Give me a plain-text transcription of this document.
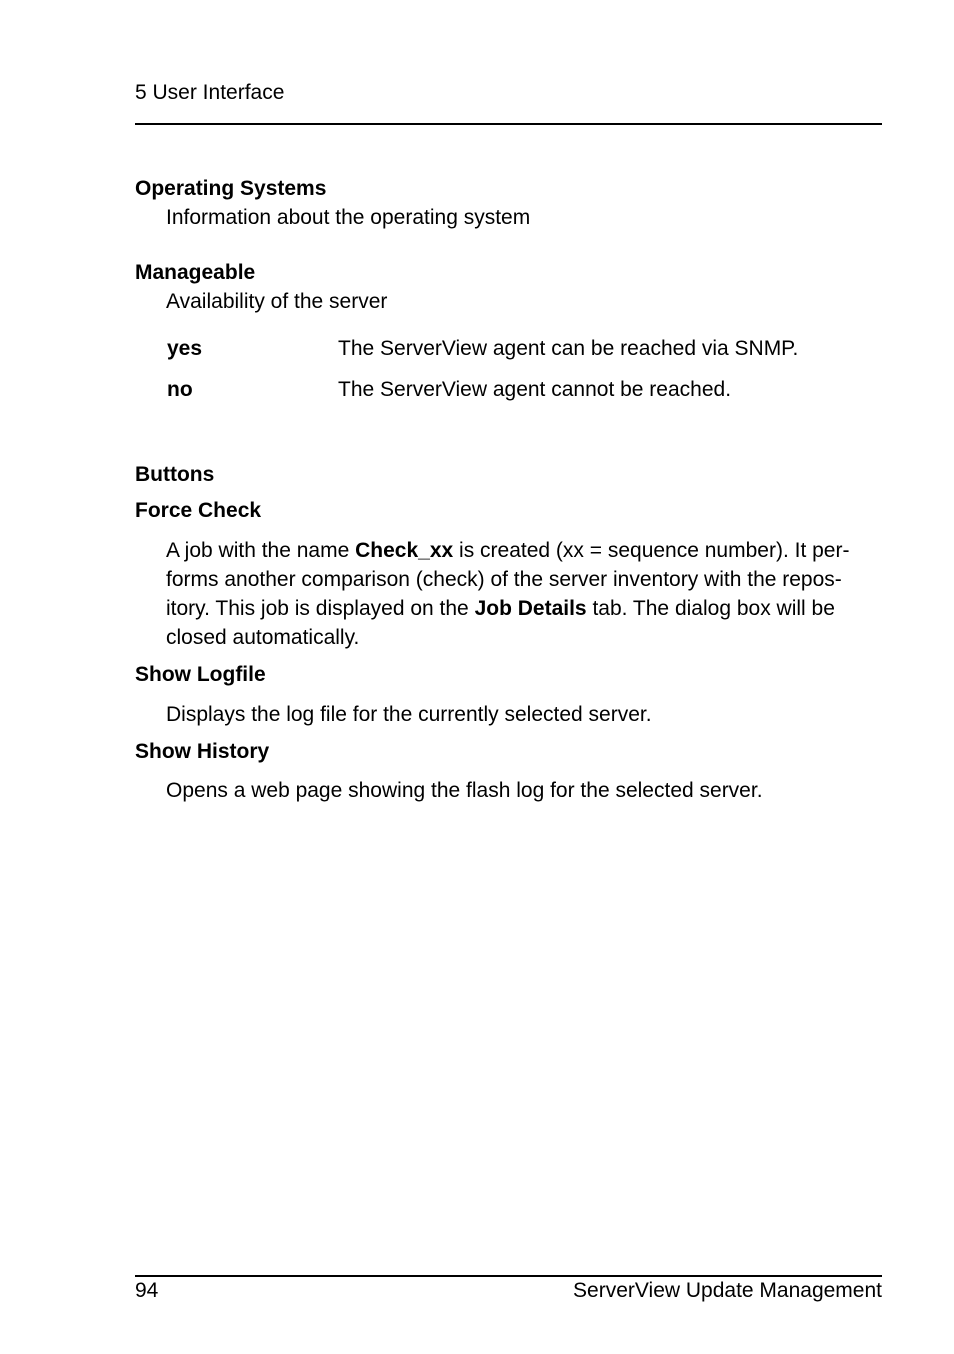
5 User Interface
Operating Systems
Information about the operating system
Manageable
Availability of the server
yes	The ServerView agent can be reached via SNMP.
no	The ServerView agent cannot be reached.
Buttons
Force Check
A job with the name Check_xx is created (xx = sequence number). It per-
forms another comparison (check) of the server inventory with the repos-
itory. This job is displayed on the Job Details tab. The dialog box will be
closed automatically.
Show Logfile
Displays the log file for the currently selected server.
Show History
Opens a web page showing the flash log for the selected server.
94	ServerView Update Management
